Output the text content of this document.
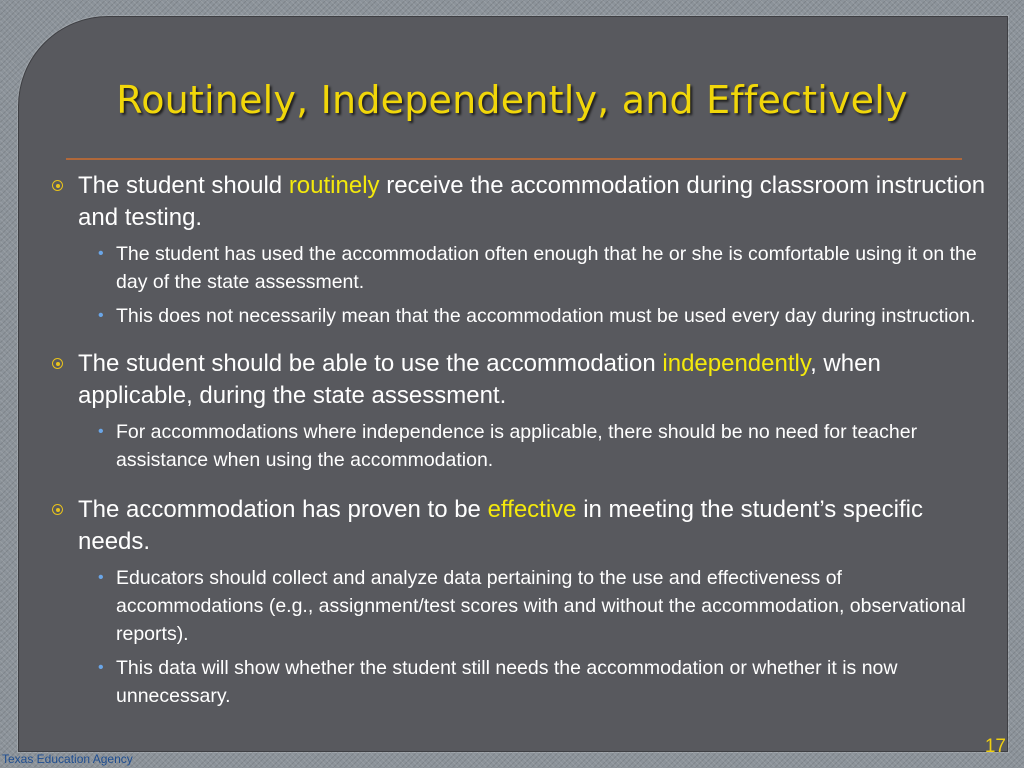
Routinely, Independently, and Effectively
The student should routinely receive the accommodation during classroom instruction and testing.
• The student has used the accommodation often enough that he or she is comfortable using it on the day of the state assessment.
• This does not necessarily mean that the accommodation must be used every day during instruction.
The student should be able to use the accommodation independently, when applicable, during the state assessment.
• For accommodations where independence is applicable, there should be no need for teacher assistance when using the accommodation.
The accommodation has proven to be effective in meeting the student’s specific needs.
• Educators should collect and analyze data pertaining to the use and effectiveness of accommodations (e.g., assignment/test scores with and without the accommodation, observational reports).
• This data will show whether the student still needs the accommodation or whether it is now unnecessary.
Texas Education Agency
17
